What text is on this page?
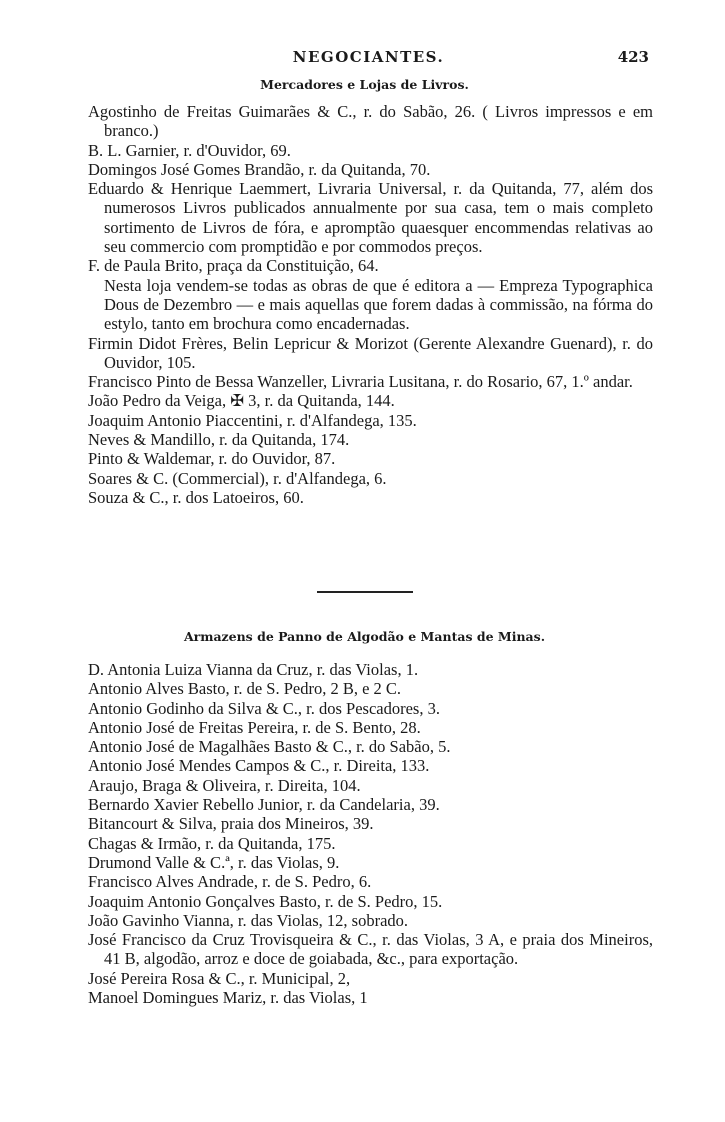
NEGOCIANTES.	423
Mercadores e Lojas de Livros.
Agostinho de Freitas Guimarães & C., r. do Sabão, 26. ( Livros impressos e em branco.)
B. L. Garnier, r. d'Ouvidor, 69.
Domingos José Gomes Brandão, r. da Quitanda, 70.
Eduardo & Henrique Laemmert, Livraria Universal, r. da Quitanda, 77, além dos numerosos Livros publicados annualmente por sua casa, tem o mais completo sortimento de Livros de fóra, e apromptão quaesquer encommendas relativas ao seu commercio com promptidão e por commodos preços.
F. de Paula Brito, praça da Constituição, 64.
Nesta loja vendem-se todas as obras de que é editora a — Empreza Typographica Dous de Dezembro — e mais aquellas que forem dadas à commissão, na fórma do estylo, tanto em brochura como encadernadas.
Firmin Didot Frères, Belin Lepricur & Morizot (Gerente Alexandre Guenard), r. do Ouvidor, 105.
Francisco Pinto de Bessa Wanzeller, Livraria Lusitana, r. do Rosario, 67, 1.º andar.
João Pedro da Veiga, ✠ 3, r. da Quitanda, 144.
Joaquim Antonio Piaccentini, r. d'Alfandega, 135.
Neves & Mandillo, r. da Quitanda, 174.
Pinto & Waldemar, r. do Ouvidor, 87.
Soares & C. (Commercial), r. d'Alfandega, 6.
Souza & C., r. dos Latoeiros, 60.
Armazens de Panno de Algodão e Mantas de Minas.
D. Antonia Luiza Vianna da Cruz, r. das Violas, 1.
Antonio Alves Basto, r. de S. Pedro, 2 B, e 2 C.
Antonio Godinho da Silva & C., r. dos Pescadores, 3.
Antonio José de Freitas Pereira, r. de S. Bento, 28.
Antonio José de Magalhães Basto & C., r. do Sabão, 5.
Antonio José Mendes Campos & C., r. Direita, 133.
Araujo, Braga & Oliveira, r. Direita, 104.
Bernardo Xavier Rebello Junior, r. da Candelaria, 39.
Bitancourt & Silva, praia dos Mineiros, 39.
Chagas & Irmão, r. da Quitanda, 175.
Drumond Valle & C.ª, r. das Violas, 9.
Francisco Alves Andrade, r. de S. Pedro, 6.
Joaquim Antonio Gonçalves Basto, r. de S. Pedro, 15.
João Gavinho Vianna, r. das Violas, 12, sobrado.
José Francisco da Cruz Trovisqueira & C., r. das Violas, 3 A, e praia dos Mineiros, 41 B, algodão, arroz e doce de goiabada, &c., para exportação.
José Pereira Rosa & C., r. Municipal, 2,
Manoel Domingues Mariz, r. das Violas, 1
